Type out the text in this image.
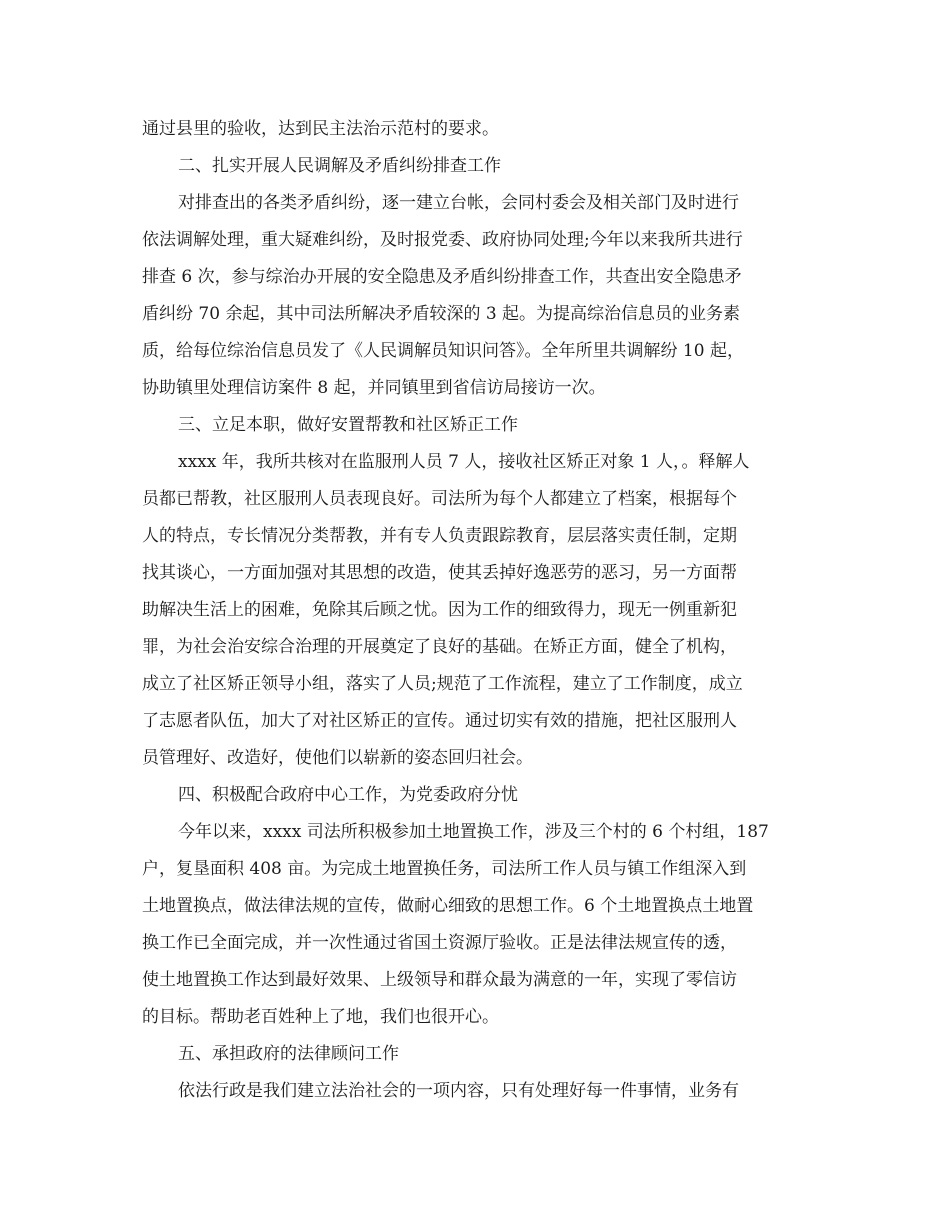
通过县里的验收，达到民主法治示范村的要求。

二、扎实开展人民调解及矛盾纠纷排查工作

对排查出的各类矛盾纠纷，逐一建立台帐，会同村委会及相关部门及时进行

依法调解处理，重大疑难纠纷，及时报党委、政府协同处理;今年以来我所共进行

排查 6 次，参与综治办开展的安全隐患及矛盾纠纷排查工作，共查出安全隐患矛

盾纠纷 70 余起，其中司法所解决矛盾较深的 3 起。为提高综治信息员的业务素

质，给每位综治信息员发了《人民调解员知识问答》。全年所里共调解纷 10 起，

协助镇里处理信访案件 8 起，并同镇里到省信访局接访一次。

三、立足本职，做好安置帮教和社区矫正工作

xxxx 年，我所共核对在监服刑人员 7 人，接收社区矫正对象 1 人，。释解人

员都已帮教，社区服刑人员表现良好。司法所为每个人都建立了档案，根据每个

人的特点，专长情况分类帮教，并有专人负责跟踪教育，层层落实责任制，定期

找其谈心，一方面加强对其思想的改造，使其丢掉好逸恶劳的恶习，另一方面帮

助解决生活上的困难，免除其后顾之忧。因为工作的细致得力，现无一例重新犯

罪，为社会治安综合治理的开展奠定了良好的基础。在矫正方面，健全了机构，

成立了社区矫正领导小组，落实了人员;规范了工作流程，建立了工作制度，成立

了志愿者队伍，加大了对社区矫正的宣传。通过切实有效的措施，把社区服刑人

员管理好、改造好，使他们以崭新的姿态回归社会。

四、积极配合政府中心工作，为党委政府分忧

今年以来，xxxx 司法所积极参加土地置换工作，涉及三个村的 6 个村组，187

户，复垦面积 408 亩。为完成土地置换任务，司法所工作人员与镇工作组深入到

土地置换点，做法律法规的宣传，做耐心细致的思想工作。6 个土地置换点土地置

换工作已全面完成，并一次性通过省国土资源厅验收。正是法律法规宣传的透，

使土地置换工作达到最好效果、上级领导和群众最为满意的一年，实现了零信访

的目标。帮助老百姓种上了地，我们也很开心。

五、承担政府的法律顾问工作

依法行政是我们建立法治社会的一项内容，只有处理好每一件事情，业务有
